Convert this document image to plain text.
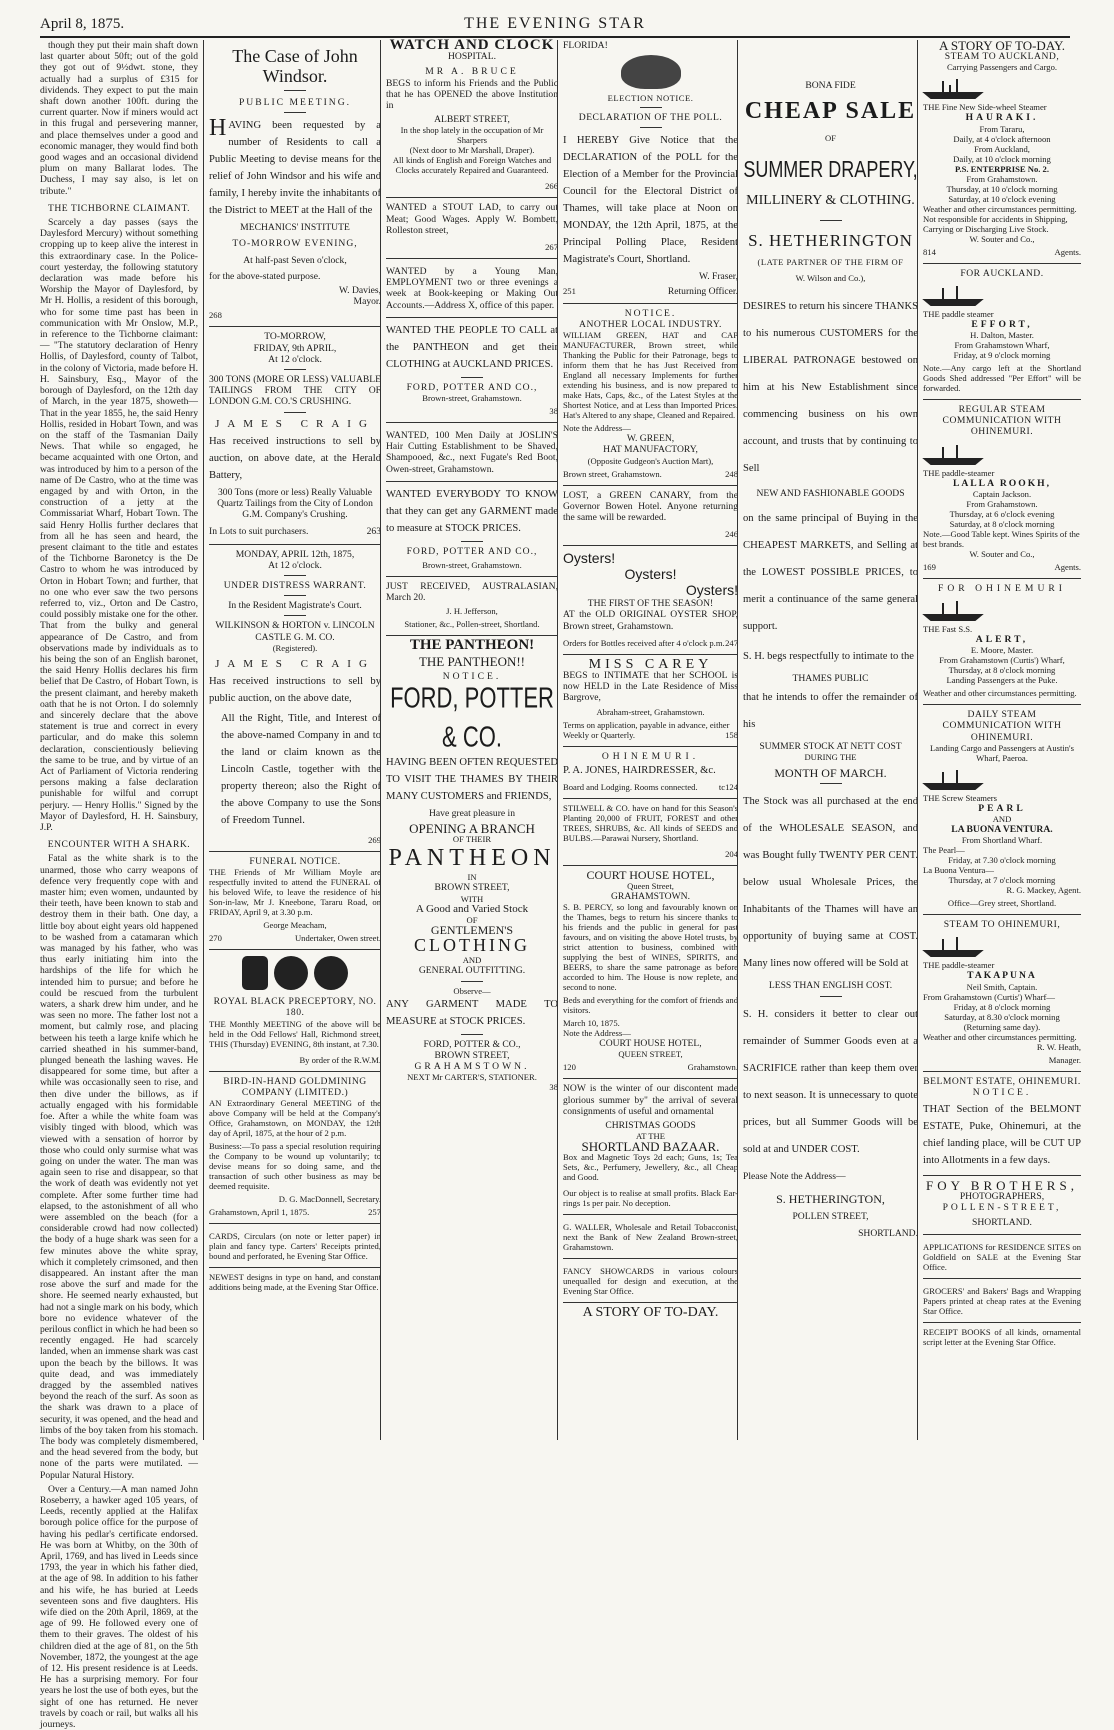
April 8, 1875.	THE EVENING STAR

though they put their main shaft down last quarter about 50ft; out of the gold they got out of 9½dwt. stone, they actually had a surplus of £315 for dividends. They expect to put the main shaft down another 100ft. during the current quarter. Now if miners would act in this frugal and persevering manner, and place themselves under a good and economic manager, they would find both good wages and an occasional dividend plum on many Ballarat lodes. The Duchess, I may say also, is let on tribute."

THE TICHBORNE CLAIMANT.

Scarcely a day passes (says the Daylesford Mercury) without something cropping up to keep alive the interest in this extraordinary case. In the Police-court yesterday, the following statutory declaration was made before his Worship the Mayor of Daylesford, by Mr H. Hollis, a resident of this borough, who for some time past has been in communication with Mr Onslow, M.P., in reference to the Tichborne claimant: — "The statutory declaration of Henry Hollis, of Daylesford, county of Talbot, in the colony of Victoria, made before H. H. Sainsbury, Esq., Mayor of the borough of Daylesford, on the 12th day of March, in the year 1875, showeth—That in the year 1855, he, the said Henry Hollis, resided in Hobart Town, and was on the staff of the Tasmanian Daily News. That while so engaged, he became acquainted with one Orton, and was introduced by him to a person of the name of De Castro, who at the time was engaged by and with Orton, in the construction of a jetty at the Commissariat Wharf, Hobart Town. The said Henry Hollis further declares that from all he has seen and heard, the present claimant to the title and estates of the Tichborne Baronetcy is the De Castro to whom he was introduced by Orton in Hobart Town; and further, that no one who ever saw the two persons referred to, viz., Orton and De Castro, could possibly mistake one for the other. That from the bulky and general appearance of De Castro, and from observations made by individuals as to his being the son of an English baronet, the said Henry Hollis declares his firm belief that De Castro, of Hobart Town, is the present claimant, and hereby maketh oath that he is not Orton. I do solemnly and sincerely declare that the above statement is true and correct in every particular, and do make this solemn declaration, conscientiously believing the same to be true, and by virtue of an Act of Parliament of Victoria rendering persons making a false declaration punishable for wilful and corrupt perjury. — Henry Hollis." Signed by the Mayor of Daylesford, H. H. Sainsbury, J.P.

ENCOUNTER WITH A SHARK.

Fatal as the white shark is to the unarmed, those who carry weapons of defence very frequently cope with and master him; even women, undaunted by their teeth, have been known to stab and destroy them in their bath. One day, a little boy about eight years old happened to be washed from a catamaran which was managed by his father, who was thus early initiating him into the hardships of the life for which he intended him to pursue; and before he could be rescued from the turbulent waters, a shark drew him under, and he was seen no more. The father lost not a moment, but calmly rose, and placing between his teeth a large knife which he carried sheathed in his summer-band, plunged beneath the lashing waves. He disappeared for some time, but after a while was occasionally seen to rise, and then dive under the billows, as if actually engaged with his formidable foe. After a while the white foam was visibly tinged with blood, which was viewed with a sensation of horror by those who could only surmise what was going on under the water. The man was again seen to rise and disappear, so that the work of death was evidently not yet complete. After some further time had elapsed, to the astonishment of all who were assembled on the beach (for a considerable crowd had now collected) the body of a huge shark was seen for a few minutes above the white spray, which it completely crimsoned, and then disappeared. An instant after the man rose above the surf and made for the shore. He seemed nearly exhausted, but had not a single mark on his body, which bore no evidence whatever of the perilous conflict in which he had been so recently engaged. He had scarcely landed, when an immense shark was cast upon the beach by the billows. It was quite dead, and was immediately dragged by the assembled natives beyond the reach of the surf. As soon as the shark was drawn to a place of security, it was opened, and the head and limbs of the boy taken from his stomach. The body was completely dismembered, and the head severed from the body, but none of the parts were mutilated. — Popular Natural History.

Over a Century.—A man named John Roseberry, a hawker aged 105 years, of Leeds, recently applied at the Halifax borough police office for the purpose of having his pedlar's certificate endorsed. He was born at Whitby, on the 30th of April, 1769, and has lived in Leeds since 1793, the year in which his father died, at the age of 98. In addition to his father and his wife, he has buried at Leeds seventeen sons and five daughters. His wife died on the 20th April, 1869, at the age of 99. He followed every one of them to their graves. The oldest of his children died at the age of 81, on the 5th November, 1872, the youngest at the age of 12. His present residence is at Leeds. He has a surprising memory. For four years he lost the use of both eyes, but the sight of one has returned. He never travels by coach or rail, but walks all his journeys.

The Case of John Windsor.
PUBLIC MEETING.

HAVING been requested by a number of Residents to call a Public Meeting to devise means for the relief of John Windsor and his wife and family, I hereby invite the inhabitants of the District to MEET at the Hall of the

MECHANICS' INSTITUTE
TO-MORROW EVENING,
At half-past Seven o'clock,

for the above-stated purpose.

W. Davies,
Mayor.
268
TO-MORROW,
FRIDAY, 9th APRIL,
At 12 o'clock.

300 TONS (MORE OR LESS) VALUABLE TAILINGS FROM THE CITY OF LONDON G.M. CO.'S CRUSHING.

JAMES CRAIG

Has received instructions to sell by auction, on above date, at the Herald Battery,

300 Tons (more or less) Really Valuable Quartz Tailings from the City of London G.M. Company's Crushing.

In Lots to suit purchasers.	263
MONDAY, APRIL 12th, 1875,
At 12 o'clock.
UNDER DISTRESS WARRANT.
In the Resident Magistrate's Court.
WILKINSON & HORTON v. LINCOLN CASTLE G. M. CO.
(Registered).
JAMES CRAIG

Has received instructions to sell by public auction, on the above date,

All the Right, Title, and Interest of the above-named Company in and to the land or claim known as the Lincoln Castle, together with the property thereon; also the Right of the above Company to use the Sons of Freedom Tunnel.

269
FUNERAL NOTICE.

THE Friends of Mr William Moyle are respectfully invited to attend the FUNERAL of his beloved Wife, to leave the residence of his Son-in-law, Mr J. Kneebone, Tararu Road, on FRIDAY, April 9, at 3.30 p.m.

George Meacham,
270	Undertaker, Owen street.
ROYAL BLACK PRECEPTORY, NO. 180.

THE Monthly MEETING of the above will be held in the Odd Fellows' Hall, Richmond street, THIS (Thursday) EVENING, 8th instant, at 7.30.

By order of the R.W.M.
BIRD-IN-HAND GOLDMINING COMPANY (LIMITED.)

AN Extraordinary General MEETING of the above Company will be held at the Company's Office, Grahamstown, on MONDAY, the 12th day of April, 1875, at the hour of 2 p.m.

Business:—To pass a special resolution requiring the Company to be wound up voluntarily; to devise means for so doing same, and the transaction of such other business as may be deemed requisite.

D. G. MacDonnell, Secretary.
Grahamstown, April 1, 1875.	257

CARDS, Circulars (on note or letter paper) in plain and fancy type. Carters' Receipts printed, bound and perforated, he Evening Star Office.

NEWEST designs in type on hand, and constant additions being made, at the Evening Star Office.

WATCH AND CLOCK
HOSPITAL.
MR A. BRUCE

BEGS to inform his Friends and the Public that he has OPENED the above Institution in

ALBERT STREET,
In the shop lately in the occupation of Mr Sharpers
(Next door to Mr Marshall, Draper).

All kinds of English and Foreign Watches and Clocks accurately Repaired and Guaranteed.

266

WANTED a STOUT LAD, to carry out Meat; Good Wages. Apply W. Bombett, Rolleston street,

267

WANTED by a Young Man, EMPLOYMENT two or three evenings a week at Book-keeping or Making Out Accounts.—Address X, office of this paper.

WANTED THE PEOPLE TO CALL at the PANTHEON and get their CLOTHING at AUCKLAND PRICES.

FORD, POTTER AND CO.,
Brown-street, Grahamstown.
38

WANTED, 100 Men Daily at JOSLIN'S Hair Cutting Establishment to be Shaved, Shampooed, &c., next Fugate's Red Boot, Owen-street, Grahamstown.

WANTED EVERYBODY TO KNOW that they can get any GARMENT made to measure at STOCK PRICES.

FORD, POTTER AND CO.,
Brown-street, Grahamstown.

JUST RECEIVED, AUSTRALASIAN, March 20.

J. H. Jefferson,
Stationer, &c., Pollen-street, Shortland.
THE PANTHEON!
THE PANTHEON!!
NOTICE.
FORD, POTTER & CO.

HAVING BEEN OFTEN REQUESTED TO VISIT THE THAMES BY THEIR MANY CUSTOMERS and FRIENDS,

Have great pleasure in
OPENING A BRANCH
OF THEIR
PANTHEON
IN
BROWN STREET,
WITH
A Good and Varied Stock
OF
GENTLEMEN'S
CLOTHING
AND
GENERAL OUTFITTING.
Observe—

ANY GARMENT MADE TO MEASURE at STOCK PRICES.

FORD, POTTER & CO.,
BROWN STREET,
GRAHAMSTOWN.
NEXT Mr CARTER'S, STATIONER.
38
FLORIDA!
ELECTION NOTICE.
DECLARATION OF THE POLL.

I HEREBY Give Notice that the DECLARATION of the POLL for the Election of a Member for the Provincial Council for the Electoral District of Thames, will take place at Noon on MONDAY, the 12th April, 1875, at the Principal Polling Place, Resident Magistrate's Court, Shortland.

W. Fraser,
251	Returning Officer.
NOTICE.
ANOTHER LOCAL INDUSTRY.

WILLIAM GREEN, HAT and CAP MANUFACTURER, Brown street, while Thanking the Public for their Patronage, begs to inform them that he has Just Received from England all necessary Implements for further extending his business, and is now prepared to make Hats, Caps, &c., of the Latest Styles at the Shortest Notice, and at Less than Imported Prices. Hat's Altered to any shape, Cleaned and Repaired.

Note the Address—
W. GREEN,
HAT MANUFACTORY,
(Opposite Gudgeon's Auction Mart),
Brown street, Grahamstown.	248

LOST, a GREEN CANARY, from the Governor Bowen Hotel. Anyone returning the same will be rewarded.

246
Oysters!
Oysters!
Oysters!
THE FIRST OF THE SEASON!

AT the OLD ORIGINAL OYSTER SHOP, Brown street, Grahamstown.

Orders for Bottles received after 4 o'clock p.m. 247
MISS CAREY

BEGS to INTIMATE that her SCHOOL is now HELD in the Late Residence of Miss Bargrove,

Abraham-street, Grahamstown.
Terms on application, payable in advance, either Weekly or Quarterly.	158
OHINEMURI.
P. A. JONES, HAIRDRESSER, &c.
Board and Lodging. Rooms connected. tc124

STILWELL & CO. have on hand for this Season's Planting 20,000 of FRUIT, FOREST and other TREES, SHRUBS, &c. All kinds of SEEDS and BULBS.—Parawai Nursery, Shortland.

204
COURT HOUSE HOTEL,
Queen Street,
GRAHAMSTOWN.

S. B. PERCY, so long and favourably known on the Thames, begs to return his sincere thanks to his friends and the public in general for past favours, and on visiting the above Hotel trusts, by strict attention to business, combined with supplying the best of WINES, SPIRITS, and BEERS, to share the same patronage as before accorded to him. The House is now replete, and second to none.

Beds and everything for the comfort of friends and visitors.

March 10, 1875.
Note the Address—
COURT HOUSE HOTEL,
QUEEN STREET,
120	Grahamstown.

NOW is the winter of our discontent made glorious summer by" the arrival of several consignments of useful and ornamental

CHRISTMAS GOODS
AT THE
SHORTLAND BAZAAR.

Box and Magnetic Toys 2d each; Guns, 1s; Tea Sets, &c., Perfumery, Jewellery, &c., all Cheap and Good.

Our object is to realise at small profits. Black Ear-rings 1s per pair. No deception.

G. WALLER, Wholesale and Retail Tobacconist, next the Bank of New Zealand Brown-street, Grahamstown.

FANCY SHOWCARDS in various colours unequalled for design and execution, at the Evening Star Office.

A STORY OF TO-DAY.
BONA FIDE
CHEAP SALE
OF
SUMMER DRAPERY,
MILLINERY & CLOTHING.
S. HETHERINGTON
(LATE PARTNER OF THE FIRM OF
W. Wilson and Co.),

DESIRES to return his sincere THANKS to his numerous CUSTOMERS for the LIBERAL PATRONAGE bestowed on him at his New Establishment since commencing business on his own account, and trusts that by continuing to Sell

NEW AND FASHIONABLE GOODS

on the same principal of Buying in the CHEAPEST MARKETS, and Selling at the LOWEST POSSIBLE PRICES, to merit a continuance of the same general support.

S. H. begs respectfully to intimate to the

THAMES PUBLIC

that he intends to offer the remainder of his

SUMMER STOCK AT NETT COST
DURING THE
MONTH OF MARCH.

The Stock was all purchased at the end of the WHOLESALE SEASON, and was Bought fully TWENTY PER CENT. below usual Wholesale Prices, the Inhabitants of the Thames will have an opportunity of buying same at COST. Many lines now offered will be Sold at

LESS THAN ENGLISH COST.

S. H. considers it better to clear out remainder of Summer Goods even at a SACRIFICE rather than keep them over to next season. It is unnecessary to quote prices, but all Summer Goods will be sold at and UNDER COST.

Please Note the Address—
S. HETHERINGTON,
POLLEN STREET,
SHORTLAND.
A STORY OF TO-DAY.
STEAM TO AUCKLAND,
Carrying Passengers and Cargo.
THE Fine New Side-wheel Steamer
HAURAKI.
From Tararu,
Daily, at 4 o'clock afternoon
From Auckland,
Daily, at 10 o'clock morning
P.S. ENTERPRISE No. 2.
From Grahamstown.
Thursday, at 10 o'clock morning
Saturday, at 10 o'clock evening
Weather and other circumstances permitting.
Not responsible for accidents in Shipping, Carrying or Discharging Live Stock.
W. Souter and Co.,
814	Agents.
FOR AUCKLAND.
THE paddle steamer
EFFORT,
H. Dalton, Master.
From Grahamstown Wharf,
Friday, at 9 o'clock morning

Note.—Any cargo left at the Shortland Goods Shed addressed "Per Effort" will be forwarded.

REGULAR STEAM COMMUNICATION WITH OHINEMURI.
THE paddle-steamer
LALLA ROOKH,
Captain Jackson.
From Grahamstown.
Thursday, at 6 o'clock evening
Saturday, at 8 o'clock morning
Note.—Good Table kept. Wines Spirits of the best brands.
W. Souter and Co.,
169	Agents.
FOR OHINEMURI
THE Fast S.S.
ALERT,
E. Moore, Master.
From Grahamstown (Curtis') Wharf,
Thursday, at 8 o'clock morning
Landing Passengers at the Puke.
Weather and other circumstances permitting.
DAILY STEAM COMMUNICATION WITH OHINEMURI.
Landing Cargo and Passengers at Austin's Wharf, Paeroa.
THE Screw Steamers
PEARL
AND
LA BUONA VENTURA.
From Shortland Wharf.
The Pearl—
Friday, at 7.30 o'clock morning
La Buona Ventura—
Thursday, at 7 o'clock morning
R. G. Mackey, Agent.
Office—Grey street, Shortland.
STEAM TO OHINEMURI,
THE paddle-steamer
TAKAPUNA
Neil Smith, Captain.
From Grahamstown (Curtis') Wharf—
Friday, at 8 o'clock morning
Saturday, at 8.30 o'clock morning
(Returning same day).
Weather and other circumstances permitting.
R. W. Heath,
Manager.
BELMONT ESTATE, OHINEMURI.
NOTICE.

THAT Section of the BELMONT ESTATE, Puke, Ohinemuri, at the chief landing place, will be CUT UP into Allotments in a few days.

FOY BROTHERS,
PHOTOGRAPHERS,
POLLEN-STREET,
SHORTLAND.

APPLICATIONS for RESIDENCE SITES on Goldfield on SALE at the Evening Star Office.

GROCERS' and Bakers' Bags and Wrapping Papers printed at cheap rates at the Evening Star Office.

RECEIPT BOOKS of all kinds, ornamental script letter at the Evening Star Office.
